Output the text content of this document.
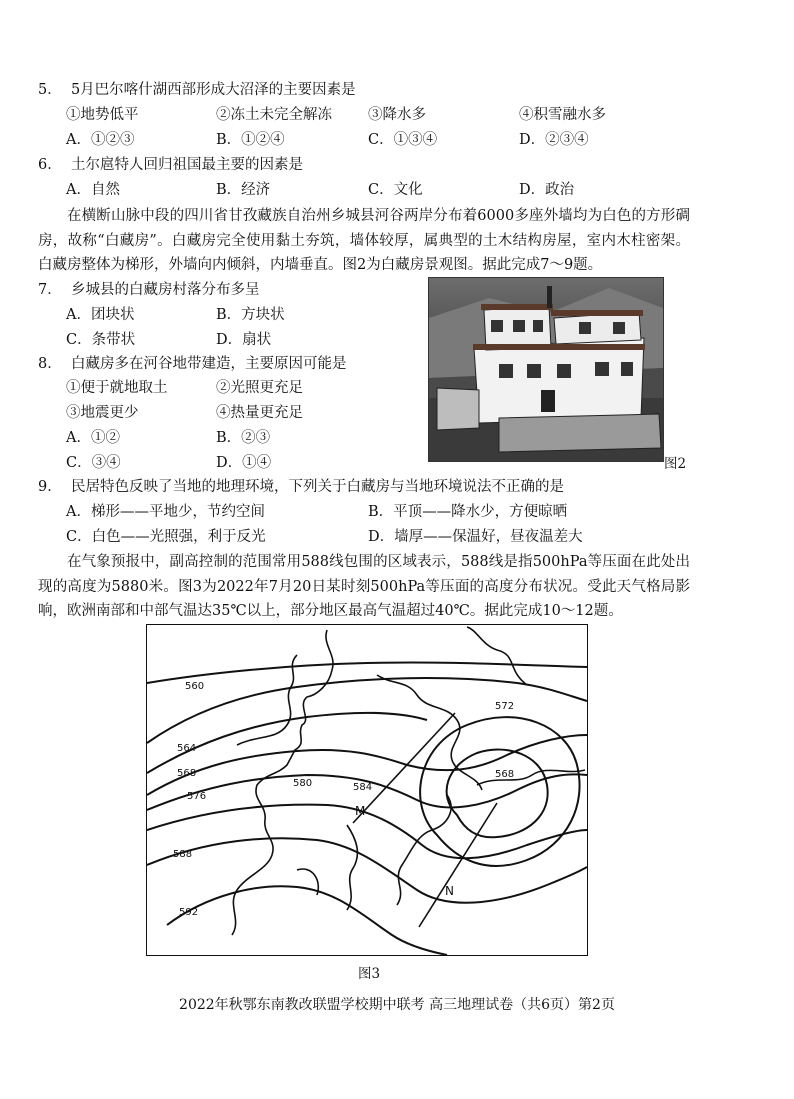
5． 5月巴尔喀什湖西部形成大沼泽的主要因素是
①地势低平	②冻土未完全解冻 ③降水多	④积雪融水多
A．①②③	B．①②④	C．①③④	D．②③④
6． 土尔扈特人回归祖国最主要的因素是
A．自然	B．经济	C．文化	D．政治
在横断山脉中段的四川省甘孜藏族自治州乡城县河谷两岸分布着6000多座外墙均为白色的方形碉房，故称“白藏房”。白藏房完全使用黏土夯筑，墙体较厚，属典型的土木结构房屋，室内木柱密架。白藏房整体为梯形，外墙向内倾斜，内墙垂直。图2为白藏房景观图。据此完成7～9题。
7． 乡城县的白藏房村落分布多呈
A．团块状	B．方块状
C．条带状	D．扇状
8． 白藏房多在河谷地带建造，主要原因可能是
①便于就地取土	②光照更充足
③地震更少	④热量更充足
A．①②	B．②③
C．③④	D．①④	图2
9． 民居特色反映了当地的地理环境，下列关于白藏房与当地环境说法不正确的是
A．梯形——平地少，节约空间	B．平顶——降水少，方便晾晒
C．白色——光照强，利于反光	D．墙厚——保温好，昼夜温差大
在气象预报中，副高控制的范围常用588线包围的区域表示，588线是指500hPa等压面在此处出现的高度为5880米。图3为2022年7月20日某时刻500hPa等压面的高度分布状况。受此天气格局影响，欧洲南部和中部气温达35℃以上，部分地区最高气温超过40℃。据此完成10～12题。
560
564
568
576
580	584
588
592
572
568
M
N
图3
2022年秋鄂东南教改联盟学校期中联考 高三地理试卷（共6页）第2页
